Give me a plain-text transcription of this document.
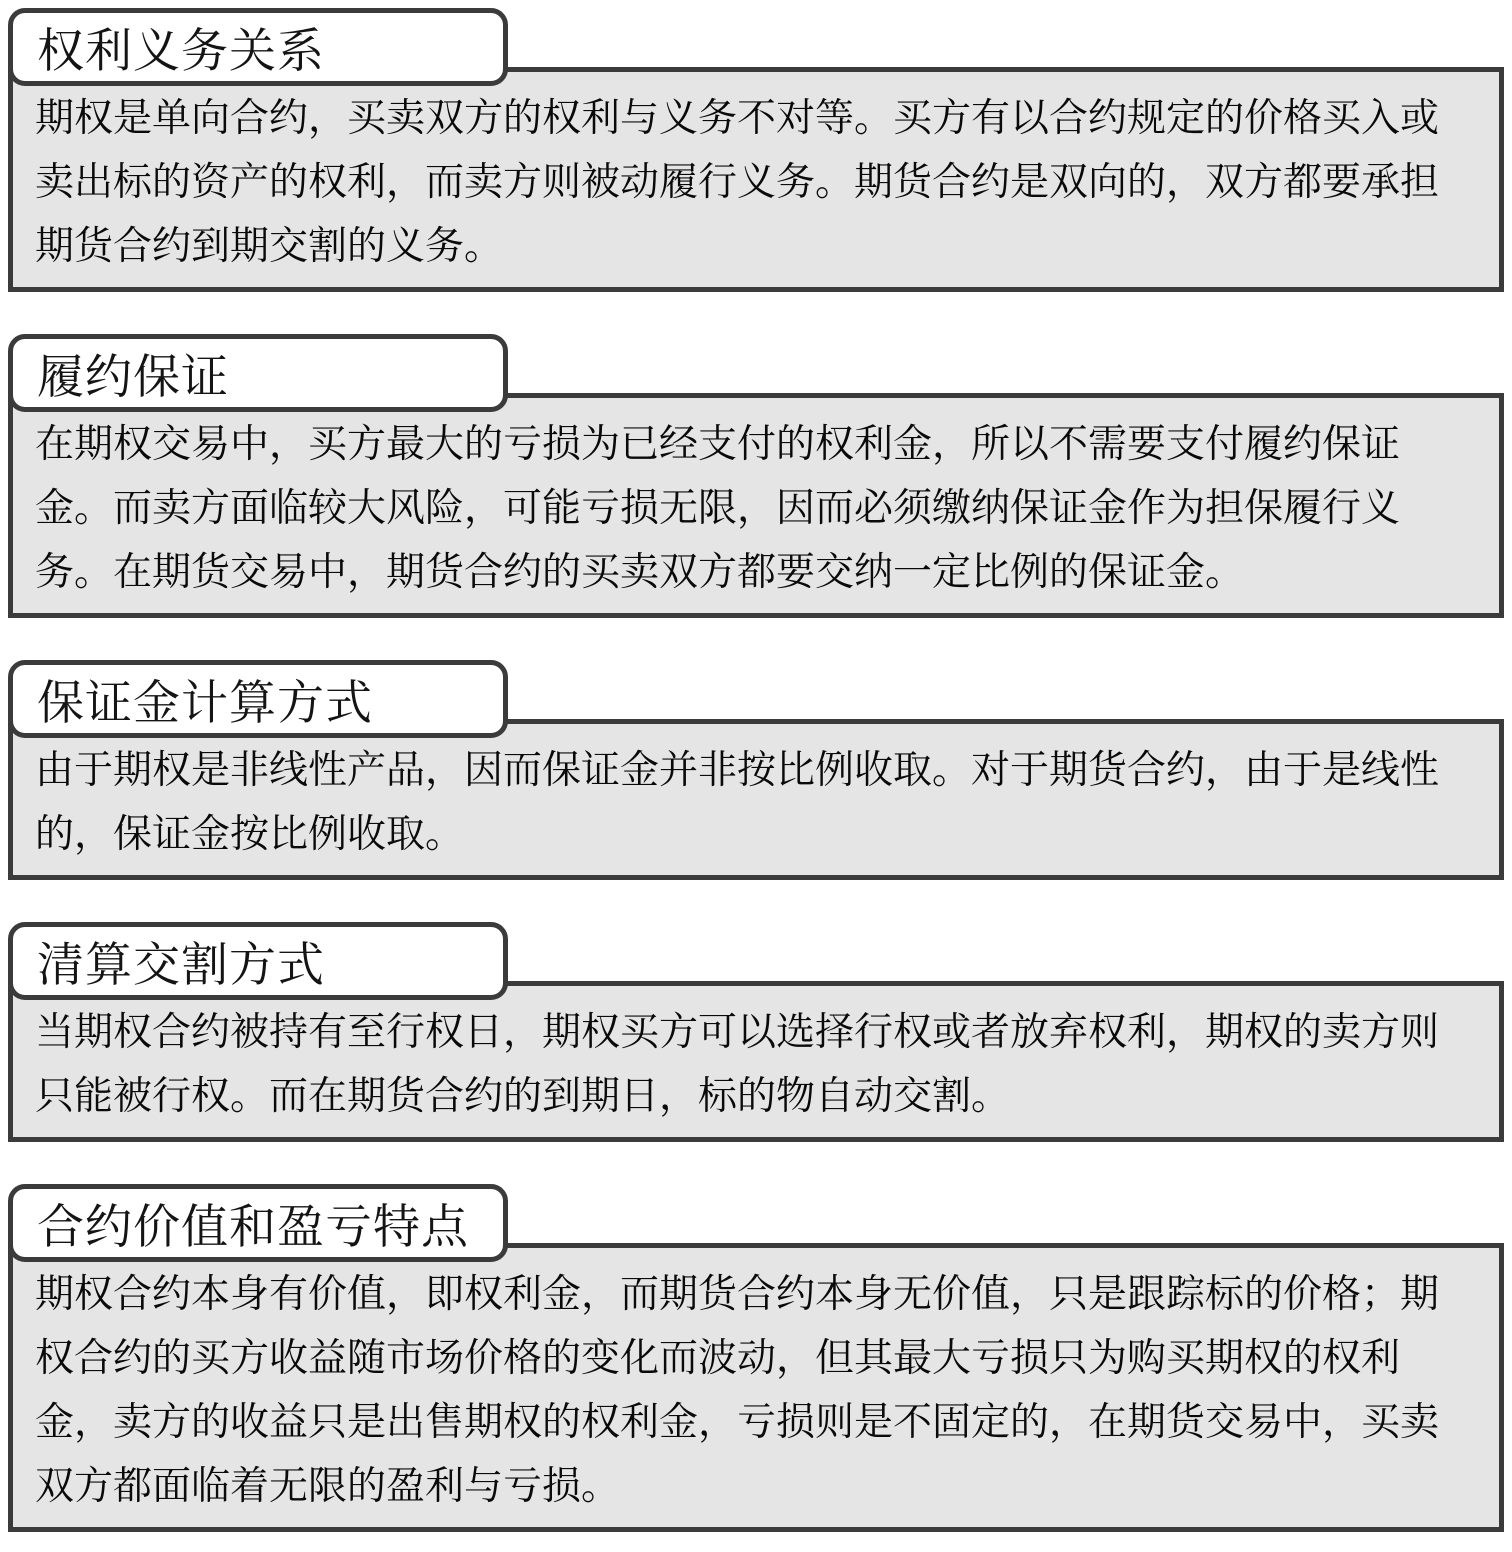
权利义务关系
期权是单向合约，买卖双方的权利与义务不对等。买方有以合约规定的价格买入或卖出标的资产的权利，而卖方则被动履行义务。期货合约是双向的，双方都要承担期货合约到期交割的义务。
履约保证
在期权交易中，买方最大的亏损为已经支付的权利金，所以不需要支付履约保证金。而卖方面临较大风险，可能亏损无限，因而必须缴纳保证金作为担保履行义务。在期货交易中，期货合约的买卖双方都要交纳一定比例的保证金。
保证金计算方式
由于期权是非线性产品，因而保证金并非按比例收取。对于期货合约，由于是线性的，保证金按比例收取。
清算交割方式
当期权合约被持有至行权日，期权买方可以选择行权或者放弃权利，期权的卖方则只能被行权。而在期货合约的到期日，标的物自动交割。
合约价值和盈亏特点
期权合约本身有价值，即权利金，而期货合约本身无价值，只是跟踪标的价格；期权合约的买方收益随市场价格的变化而波动，但其最大亏损只为购买期权的权利金，卖方的收益只是出售期权的权利金，亏损则是不固定的，在期货交易中，买卖双方都面临着无限的盈利与亏损。
